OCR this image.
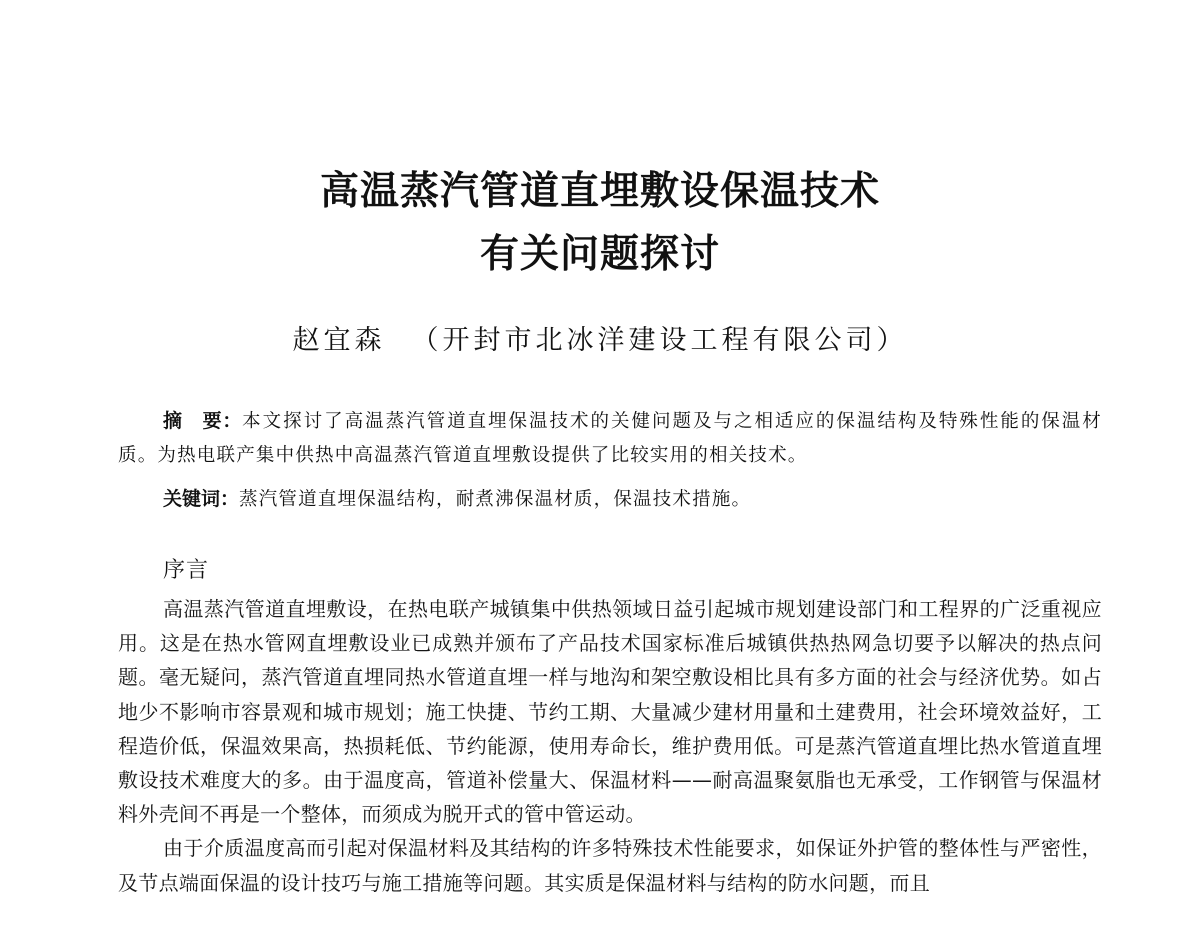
高温蒸汽管道直埋敷设保温技术
有关问题探讨
赵宜森 （开封市北冰洋建设工程有限公司）

摘　要：本文探讨了高温蒸汽管道直埋保温技术的关健问题及与之相适应的保温结构及特殊性能的保温材质。为热电联产集中供热中高温蒸汽管道直埋敷设提供了比较实用的相关技术。

关键词：蒸汽管道直埋保温结构，耐煮沸保温材质，保温技术措施。
序言

高温蒸汽管道直埋敷设，在热电联产城镇集中供热领域日益引起城市规划建设部门和工程界的广泛重视应用。这是在热水管网直埋敷设业已成熟并颁布了产品技术国家标准后城镇供热热网急切要予以解决的热点问题。毫无疑问，蒸汽管道直埋同热水管道直埋一样与地沟和架空敷设相比具有多方面的社会与经济优势。如占地少不影响市容景观和城市规划；施工快捷、节约工期、大量减少建材用量和土建费用，社会环境效益好，工程造价低，保温效果高，热损耗低、节约能源，使用寿命长，维护费用低。可是蒸汽管道直埋比热水管道直埋敷设技术难度大的多。由于温度高，管道补偿量大、保温材料——耐高温聚氨脂也无承受，工作钢管与保温材料外壳间不再是一个整体，而须成为脱开式的管中管运动。

由于介质温度高而引起对保温材料及其结构的许多特殊技术性能要求，如保证外护管的整体性与严密性，及节点端面保温的设计技巧与施工措施等问题。其实质是保温材料与结构的防水问题，而且
